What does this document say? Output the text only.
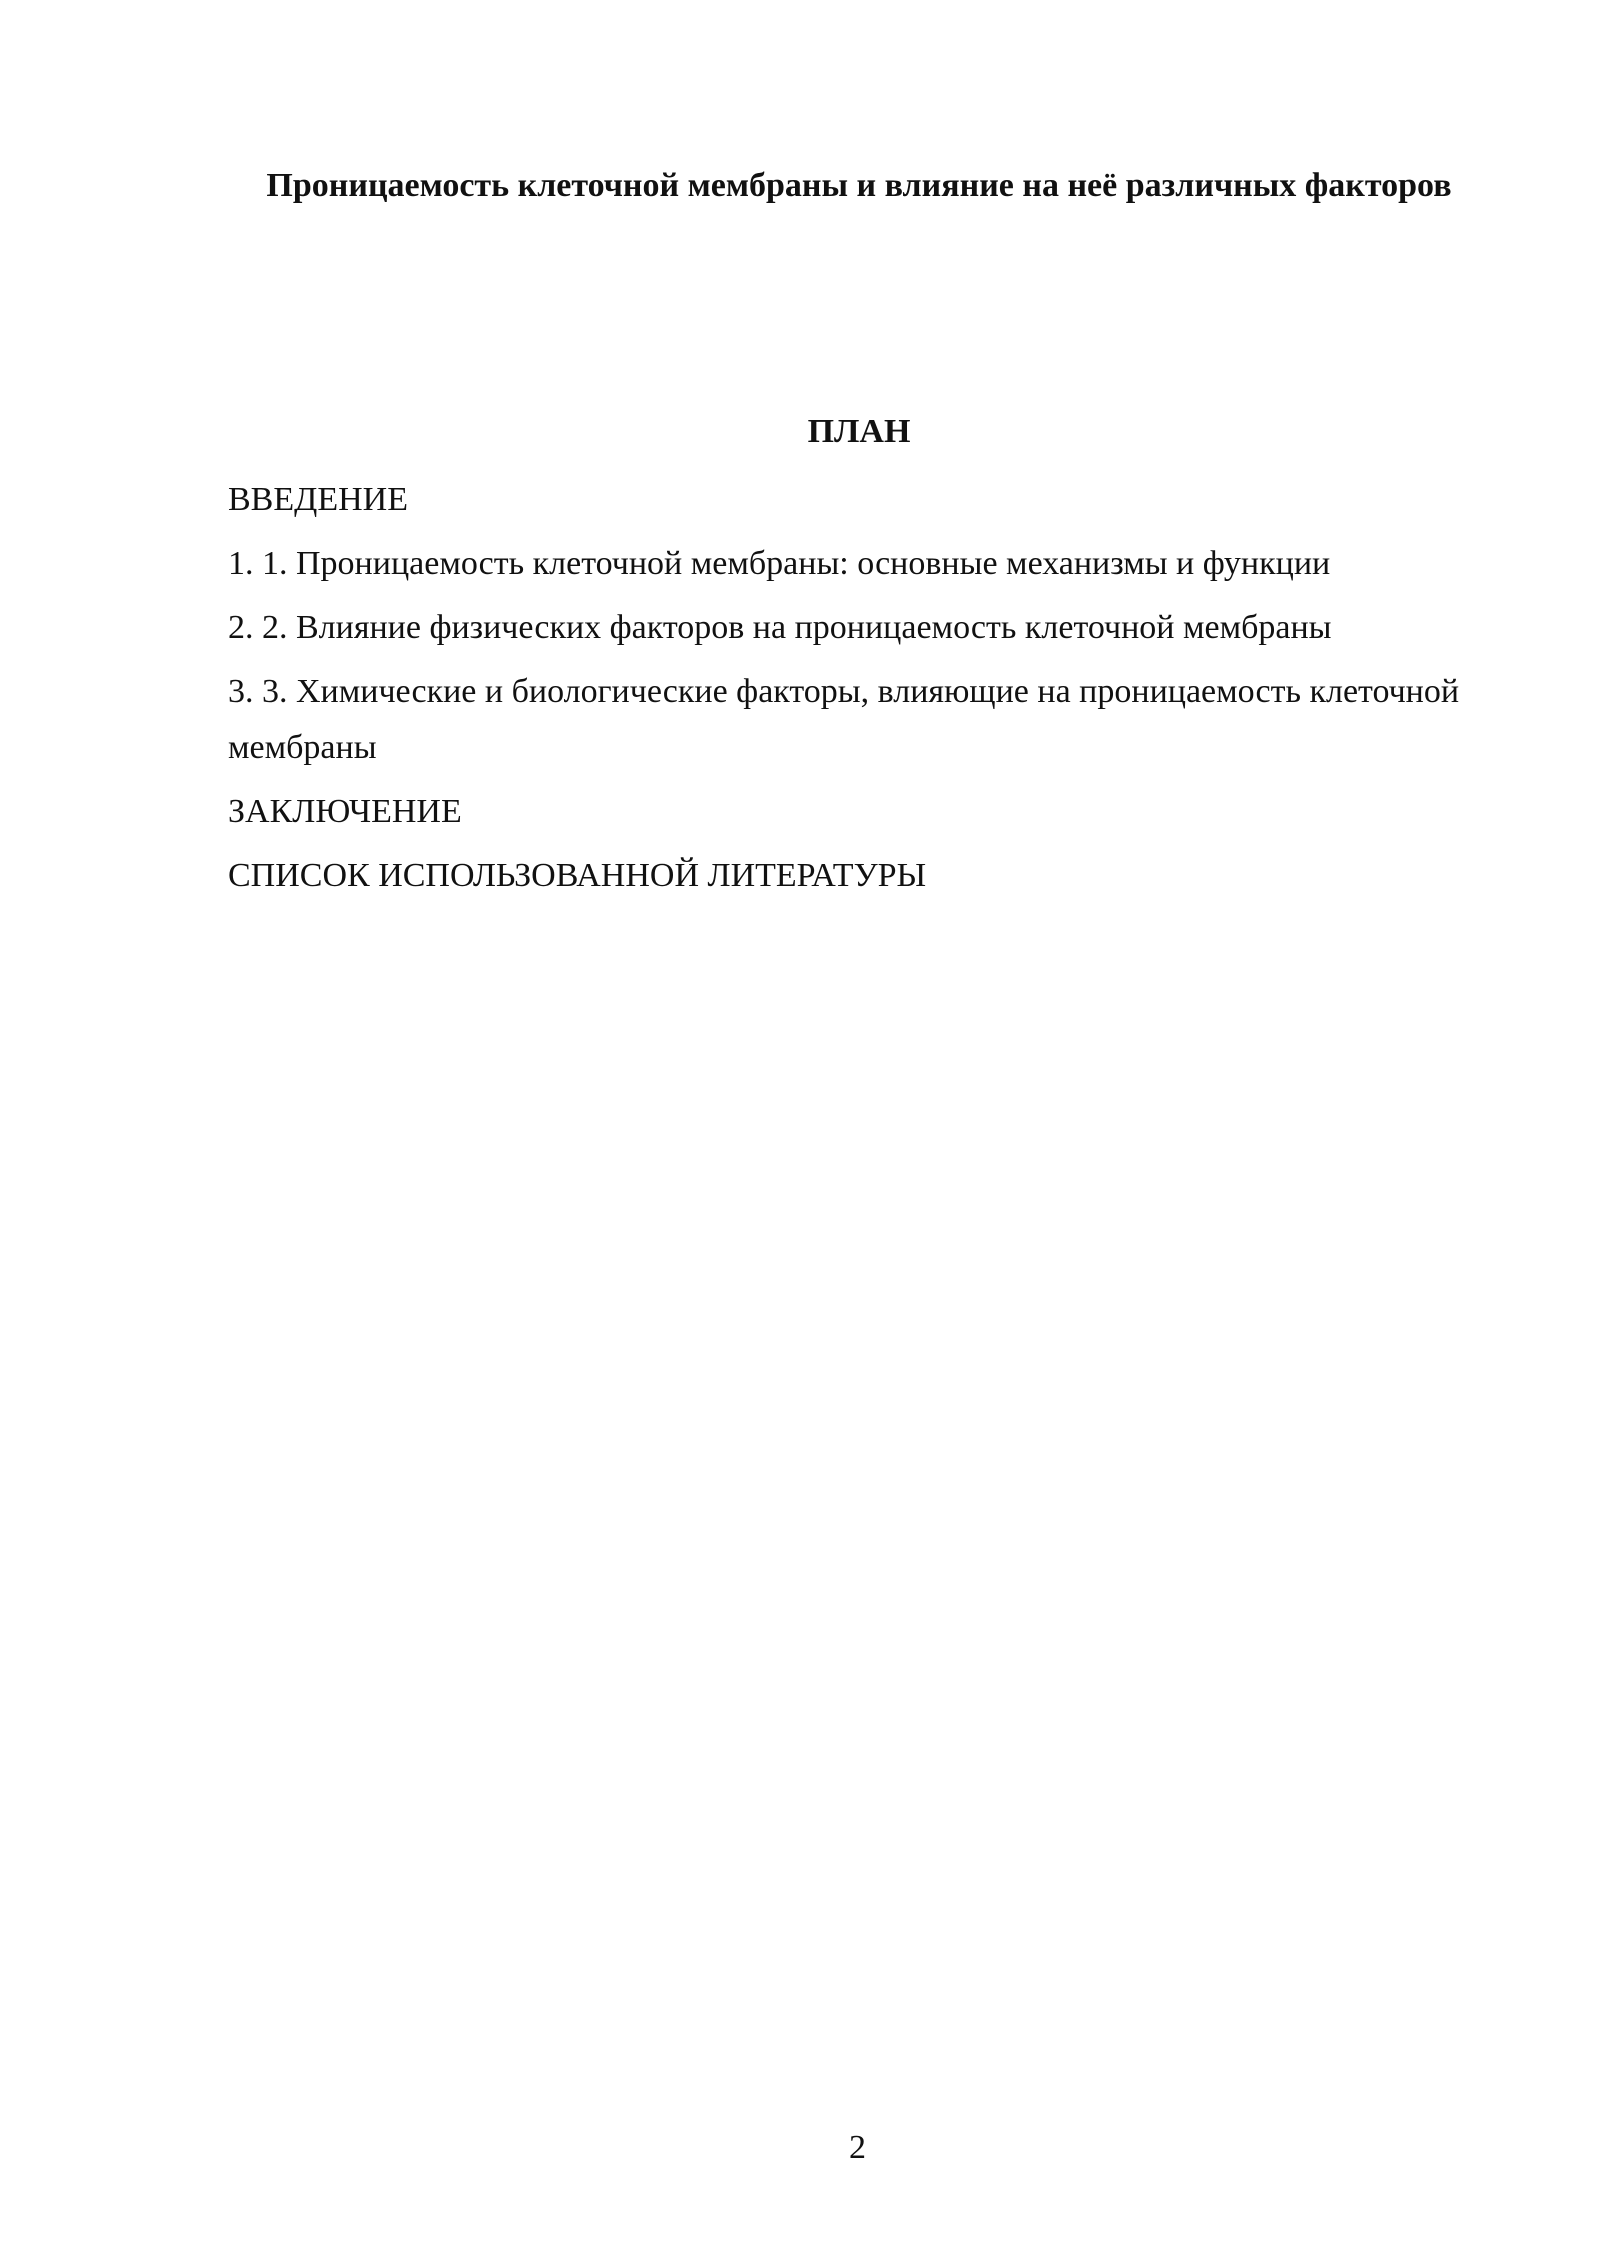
Проницаемость клеточной мембраны и влияние на неё различных факторов
ПЛАН
ВВЕДЕНИЕ
1. 1. Проницаемость клеточной мембраны: основные механизмы и функции
2. 2. Влияние физических факторов на проницаемость клеточной мембраны
3. 3. Химические и биологические факторы, влияющие на проницаемость клеточной мембраны
ЗАКЛЮЧЕНИЕ
СПИСОК ИСПОЛЬЗОВАННОЙ ЛИТЕРАТУРЫ
2
